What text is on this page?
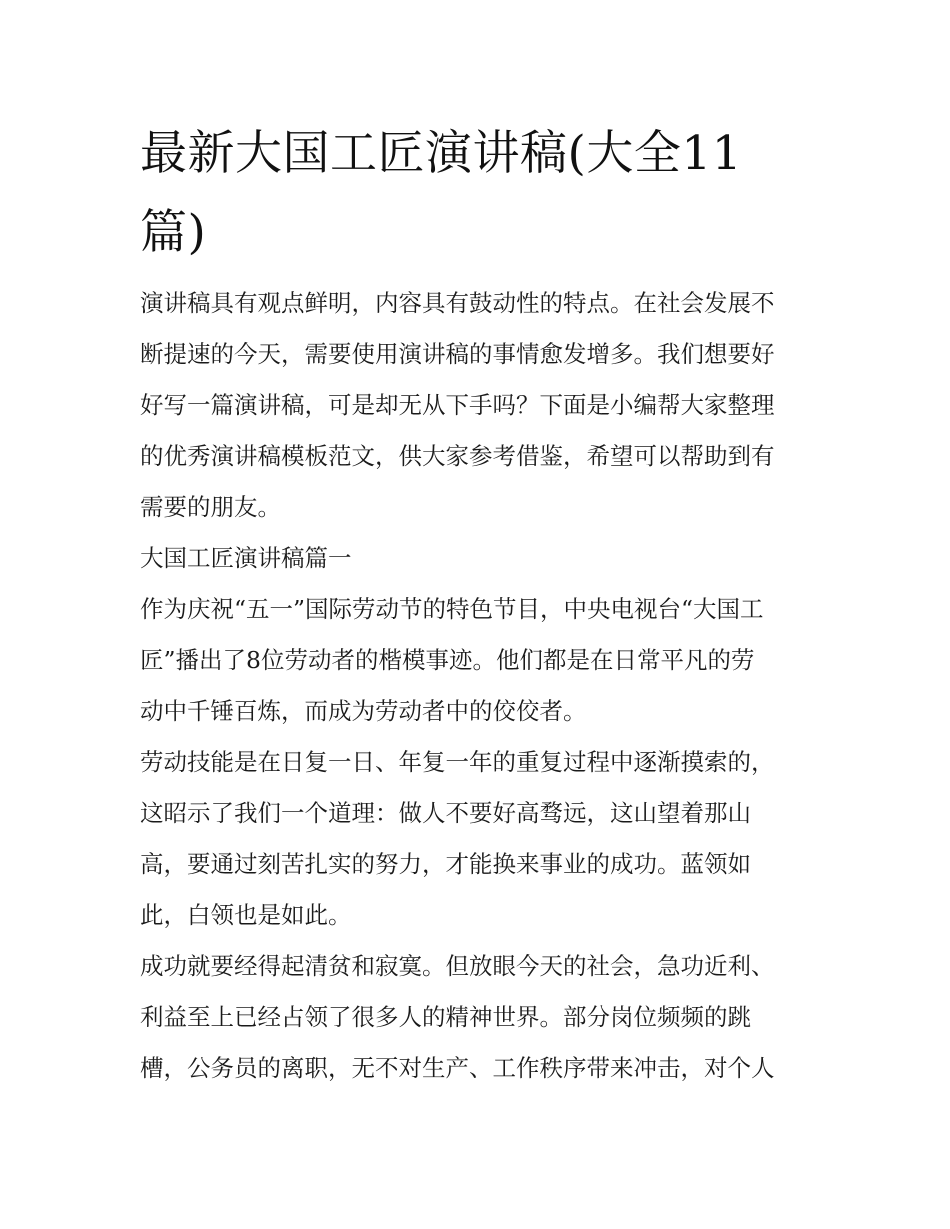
最新大国工匠演讲稿(大全11
篇)
演讲稿具有观点鲜明，内容具有鼓动性的特点。在社会发展不
断提速的今天，需要使用演讲稿的事情愈发增多。我们想要好
好写一篇演讲稿，可是却无从下手吗？下面是小编帮大家整理
的优秀演讲稿模板范文，供大家参考借鉴，希望可以帮助到有
需要的朋友。
大国工匠演讲稿篇一
作为庆祝“五一”国际劳动节的特色节目，中央电视台“大国工
匠”播出了8位劳动者的楷模事迹。他们都是在日常平凡的劳
动中千锤百炼，而成为劳动者中的佼佼者。
劳动技能是在日复一日、年复一年的重复过程中逐渐摸索的，
这昭示了我们一个道理：做人不要好高骛远，这山望着那山
高，要通过刻苦扎实的努力，才能换来事业的成功。蓝领如
此，白领也是如此。
成功就要经得起清贫和寂寞。但放眼今天的社会，急功近利、
利益至上已经占领了很多人的精神世界。部分岗位频频的跳
槽，公务员的离职，无不对生产、工作秩序带来冲击，对个人
